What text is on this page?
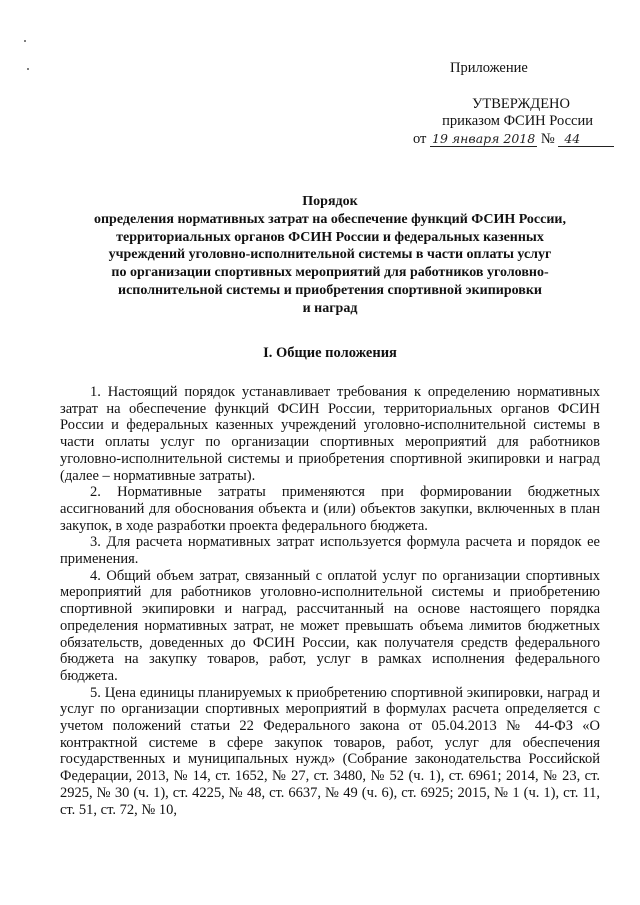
Приложение
УТВЕРЖДЕНО
приказом ФСИН России
от 19 января 2018 № 44
Порядок
определения нормативных затрат на обеспечение функций ФСИН России,
территориальных органов ФСИН России и федеральных казенных
учреждений уголовно-исполнительной системы в части оплаты услуг
по организации спортивных мероприятий для работников уголовно-
исполнительной системы и приобретения спортивной экипировки
и наград
I. Общие положения

1. Настоящий порядок устанавливает требования к определению нормативных затрат на обеспечение функций ФСИН России, территориальных органов ФСИН России и федеральных казенных учреждений уголовно-исполнительной системы в части оплаты услуг по организации спортивных мероприятий для работников уголовно-исполнительной системы и приобретения спортивной экипировки и наград (далее – нормативные затраты).

2. Нормативные затраты применяются при формировании бюджетных ассигнований для обоснования объекта и (или) объектов закупки, включенных в план закупок, в ходе разработки проекта федерального бюджета.

3. Для расчета нормативных затрат используется формула расчета и порядок ее применения.

4. Общий объем затрат, связанный с оплатой услуг по организации спортивных мероприятий для работников уголовно-исполнительной системы и приобретению спортивной экипировки и наград, рассчитанный на основе настоящего порядка определения нормативных затрат, не может превышать объема лимитов бюджетных обязательств, доведенных до ФСИН России, как получателя средств федерального бюджета на закупку товаров, работ, услуг в рамках исполнения федерального бюджета.

5. Цена единицы планируемых к приобретению спортивной экипировки, наград и услуг по организации спортивных мероприятий в формулах расчета определяется с учетом положений статьи 22 Федерального закона от 05.04.2013 № 44-ФЗ «О контрактной системе в сфере закупок товаров, работ, услуг для обеспечения государственных и муниципальных нужд» (Собрание законодательства Российской Федерации, 2013, № 14, ст. 1652, № 27, ст. 3480, № 52 (ч. 1), ст. 6961; 2014, № 23, ст. 2925, № 30 (ч. 1), ст. 4225, № 48, ст. 6637, № 49 (ч. 6), ст. 6925; 2015, № 1 (ч. 1), ст. 11, ст. 51, ст. 72, № 10,
